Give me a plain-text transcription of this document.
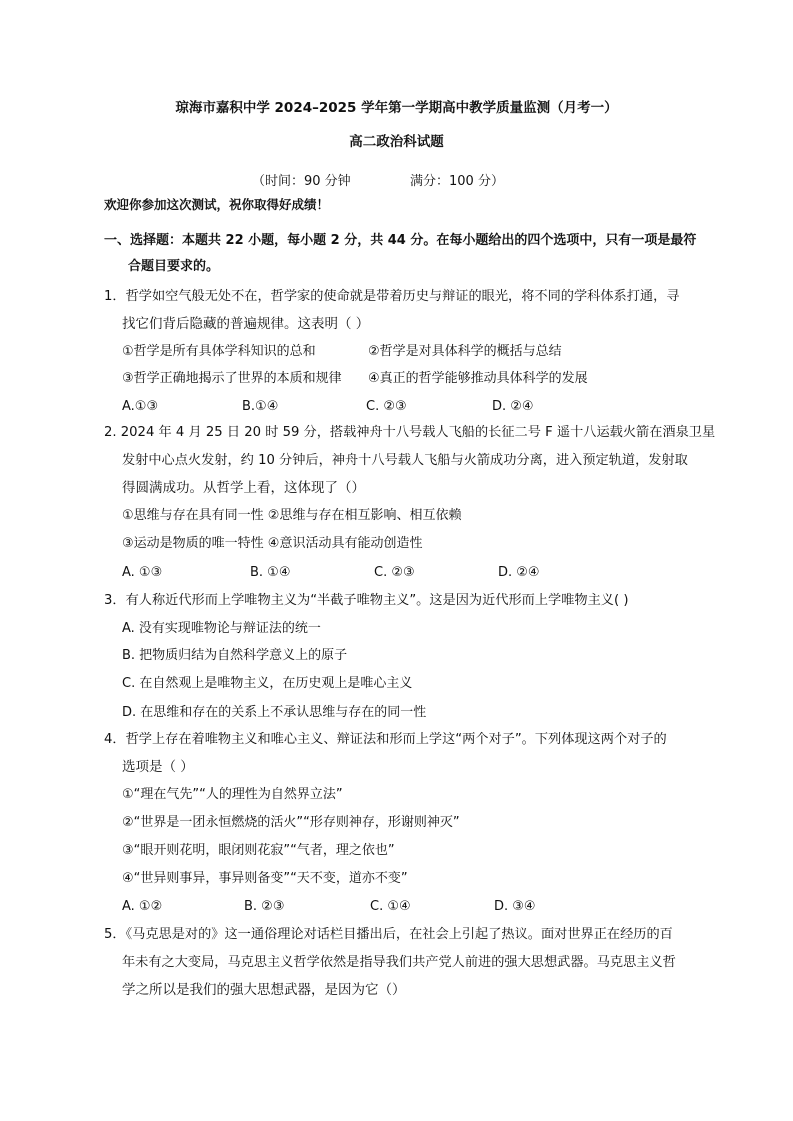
琼海市嘉积中学 2024–2025 学年第一学期高中教学质量监测（月考一）
高二政治科试题
（时间：90 分钟	满分：100 分）
欢迎你参加这次测试，祝你取得好成绩！
一、选择题：本题共 22 小题，每小题 2 分，共 44 分。在每小题给出的四个选项中，只有一项是最符
合题目要求的。
1．哲学如空气般无处不在，哲学家的使命就是带着历史与辩证的眼光，将不同的学科体系打通，寻
找它们背后隐藏的普遍规律。这表明（ ）
①哲学是所有具体学科知识的总和	②哲学是对具体科学的概括与总结
③哲学正确地揭示了世界的本质和规律 ④真正的哲学能够推动具体科学的发展
A.①③	B.①④	C. ②③	D. ②④
2. 2024 年 4 月 25 日 20 时 59 分，搭载神舟十八号载人飞船的长征二号 F 遥十八运载火箭在酒泉卫星
发射中心点火发射，约 10 分钟后，神舟十八号载人飞船与火箭成功分离，进入预定轨道，发射取
得圆满成功。从哲学上看，这体现了（）
①思维与存在具有同一性 ②思维与存在相互影响、相互依赖
③运动是物质的唯一特性 ④意识活动具有能动创造性
A. ①③	B. ①④	C. ②③	D. ②④
3．有人称近代形而上学唯物主义为“半截子唯物主义”。这是因为近代形而上学唯物主义( )
A. 没有实现唯物论与辩证法的统一
B. 把物质归结为自然科学意义上的原子
C. 在自然观上是唯物主义，在历史观上是唯心主义
D. 在思维和存在的关系上不承认思维与存在的同一性
4．哲学上存在着唯物主义和唯心主义、辩证法和形而上学这“两个对子”。下列体现这两个对子的
选项是（ ）
①“理在气先”“人的理性为自然界立法”
②“世界是一团永恒燃烧的活火”“形存则神存，形谢则神灭”
③“眼开则花明，眼闭则花寂”“气者，理之依也”
④“世异则事异，事异则备变”“天不变，道亦不变”
A. ①②	B. ②③	C. ①④	D. ③④
5．《马克思是对的》这一通俗理论对话栏目播出后，在社会上引起了热议。面对世界正在经历的百
年未有之大变局，马克思主义哲学依然是指导我们共产党人前进的强大思想武器。马克思主义哲
学之所以是我们的强大思想武器，是因为它（）
